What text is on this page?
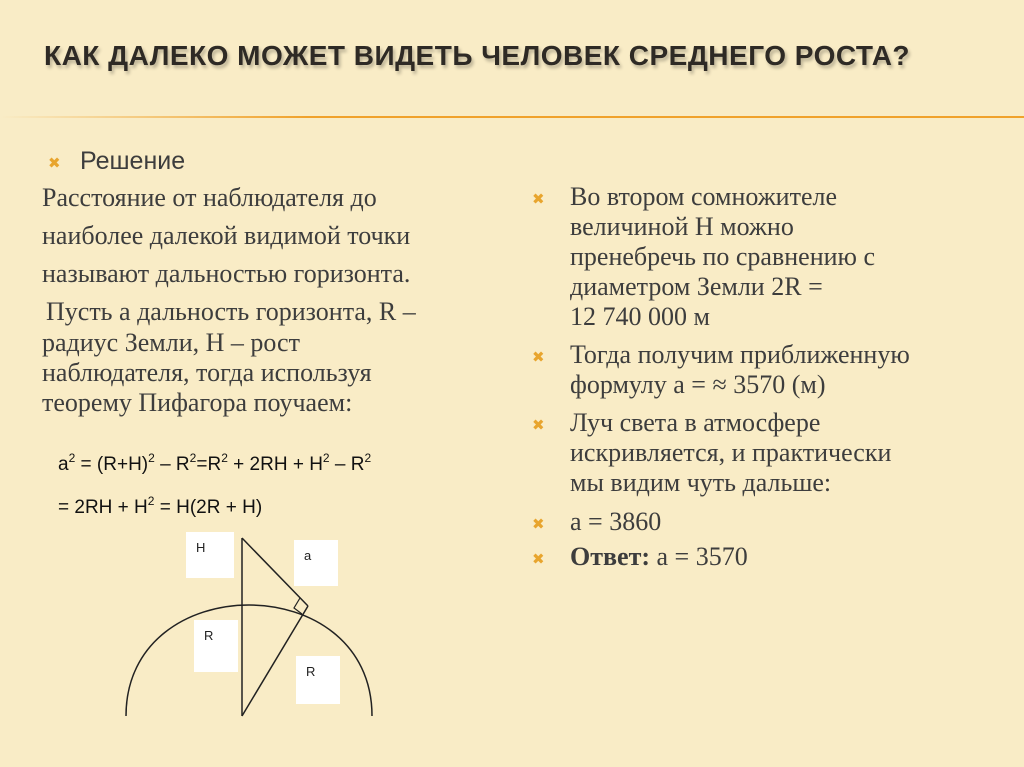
КАК ДАЛЕКО МОЖЕТ ВИДЕТЬ ЧЕЛОВЕК СРЕДНЕГО РОСТА?
✖ Решение
Расстояние от наблюдателя до
наиболее далекой видимой точки
называют дальностью горизонта.
Пусть а дальность горизонта, R –
радиус Земли, H – рост
наблюдателя, тогда используя
теорему Пифагора поучаем:
$a^2 = (R+H)^2 - R^2=R^2 + 2RH + H^2 - R^2$
= $2RH + H^2 = H(2R + H)$
H
a
R
R
✖ Во втором сомножителе
величиной H можно
пренебречь по сравнению с
диаметром Земли 2R =
12 740 000 м
✖ Тогда получим приближенную
формулу а = ≈ 3570 (м)
✖ Луч света в атмосфере
искривляется, и практически
мы видим чуть дальше:
✖ а = 3860
✖ Ответ: а = 3570
